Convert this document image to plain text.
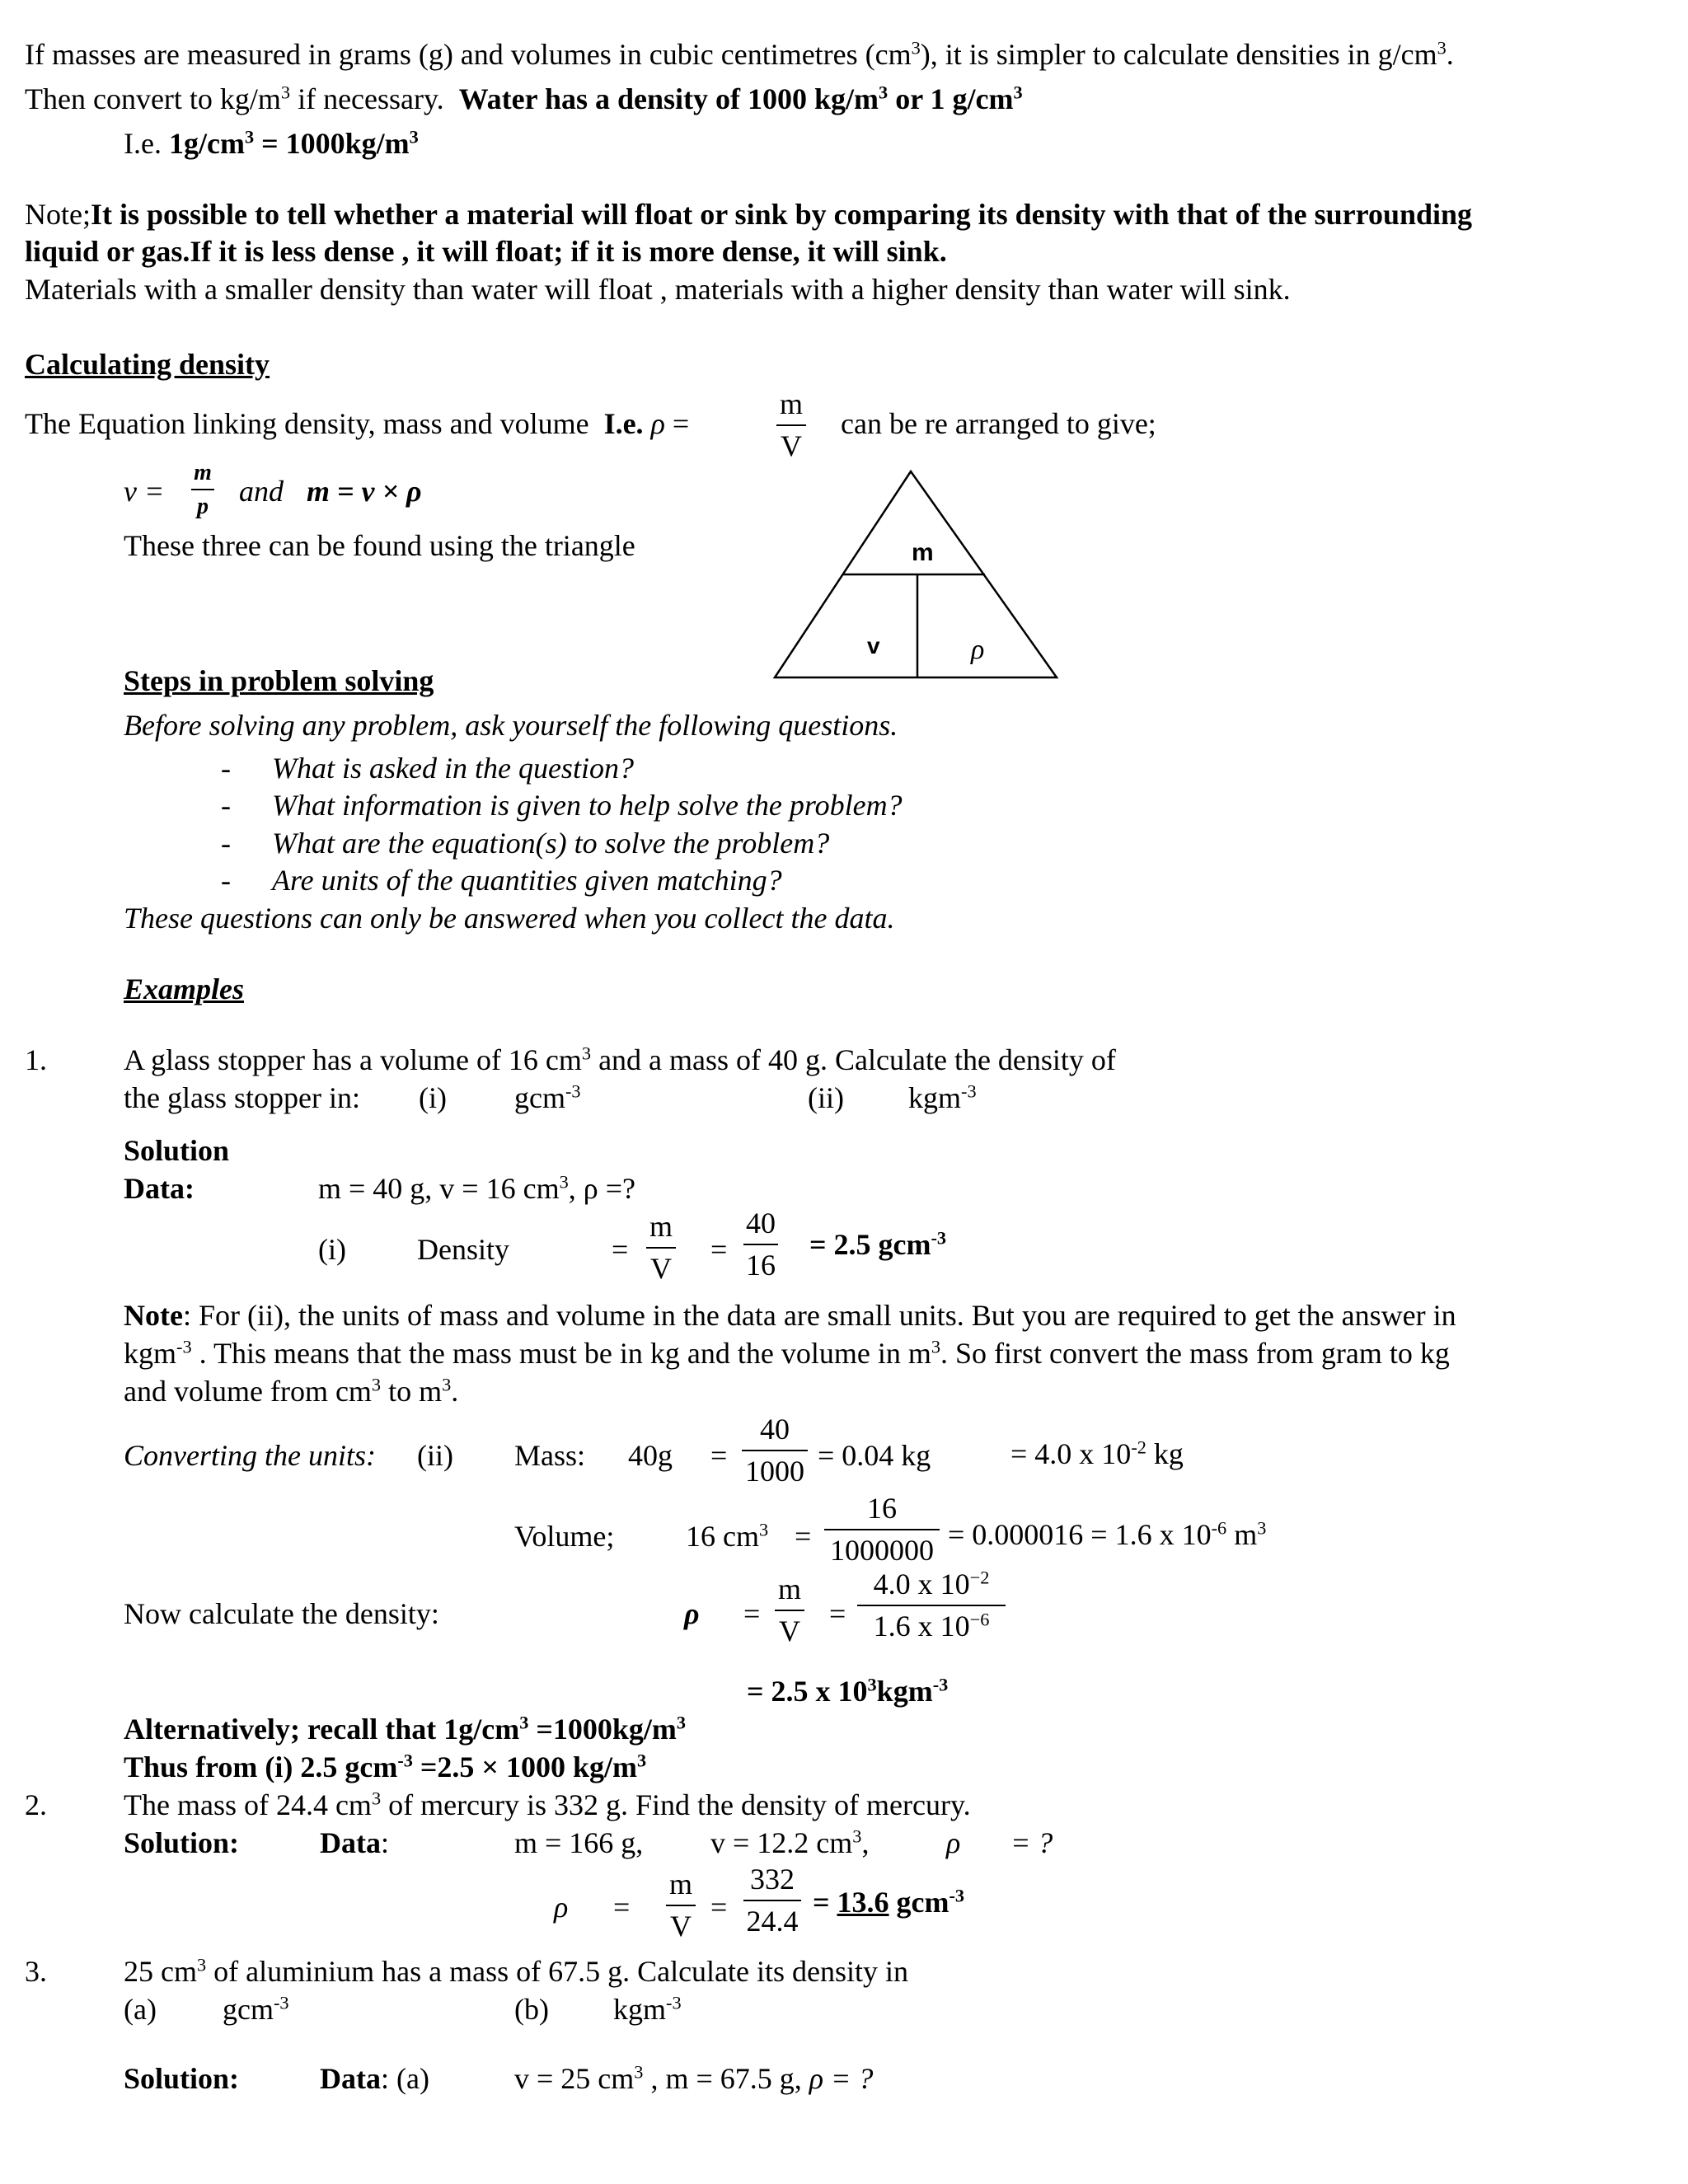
If masses are measured in grams (g) and volumes in cubic centimetres $(cm^3)$, it is simpler to calculate densities in $g/cm^3$.
Then convert to $kg/m^3$ if necessary. Water has a density of 1000 $kg/m^3$ or 1 $g/cm^3$
I.e. $1g/cm^3 = 1000kg/m^3$
Note;It is possible to tell whether a material will float or sink by comparing its density with that of the surrounding
liquid or gas.If it is less dense , it will float; if it is more dense, it will sink.
Materials with a smaller density than water will float , materials with a higher density than water will sink.
Calculating density
The Equation linking density, mass and volume I.e. ρ =
m
V
can be re arranged to give;
v =
m
p and m = v × ρ
These three can be found using the triangle	m
v	ρ
Steps in problem solving
Before solving any problem, ask yourself the following questions.
- What is asked in the question?
- What information is given to help solve the problem?
- What are the equation(s) to solve the problem?
- Are units of the quantities given matching?
These questions can only be answered when you collect the data.
Examples
1.	A glass stopper has a volume of 16 $cm^3$ and a mass of 40 g. Calculate the density of
the glass stopper in: (i) gcm$^{-3}$	(ii) kgm$^{-3}$
Solution
Data:	m = 40 g, v = 16 $cm^3$, ρ =?
(i) Density	=
m
V
=
40
16
= 2.5 gcm$^{-3}$
Note: For (ii), the units of mass and volume in the data are small units. But you are required to get the answer in
kgm$^{-3}$ . This means that the mass must be in kg and the volume in $m^3$. So first convert the mass from gram to kg
and volume from $cm^3$ to $m^3$.
Converting the units: (ii) Mass: 40g =
40
1000 = 0.04 kg	= 4.0 x $10^{-2}$ kg
Volume; 16 $cm^3$ =
16
1000000 = 0.000016 = 1.6 x $10^{-6}$ $m^3$
Now calculate the density:	ρ =
m
V
=
4.0 x $10^{-2}$
1.6 x $10^{-6}$
= 2.5 x $10^3kgm^{-3}$
Alternatively; recall that $1g/cm^3 =1000kg/m^3$
Thus from (i) 2.5 gcm$^{-3}$ =2.5 × 1000 $kg/m^3$
2.	The mass of 24.4 $cm^3$ of mercury is 332 g. Find the density of mercury.
Solution:	Data:	m = 166 g, v = 12.2 $cm^3$,	ρ = ?
ρ =
m
V
=
332
24.4
= 13.6 gcm$^{-3}$
3.	25 $cm^3$ of aluminium has a mass of 67.5 g. Calculate its density in
(a) gcm$^{-3}$	(b) kgm$^{-3}$
Solution:	Data: (a)	v = 25 $cm^3$ , m = 67.5 g, ρ = ?
